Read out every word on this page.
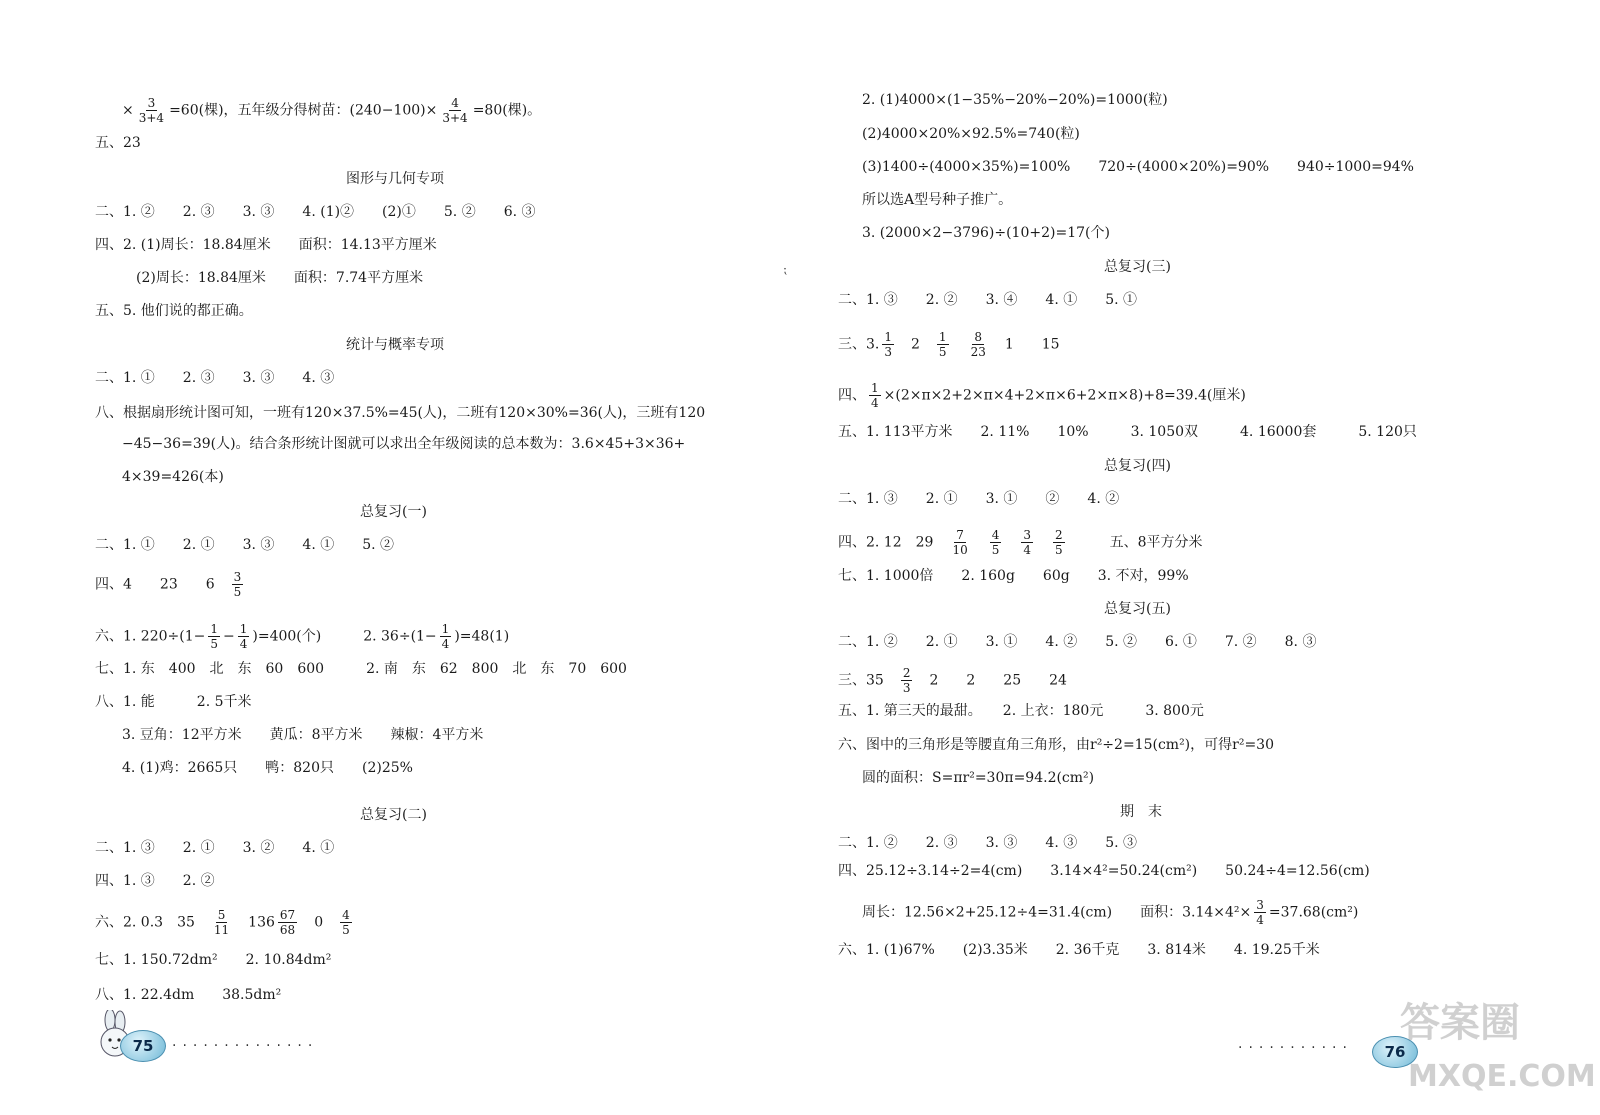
× $\frac{3}{3+4} =60$(棵)，五年级分得树苗：$(240-100)\times \frac{4}{3+4} =80$(棵)。
五、23
图形与几何专项
二、1. ②　　2. ③　　3. ③　　4. (1)②　　(2)①　　5. ②　　6. ③
四、2. (1)周长：18.84厘米　　面积：14.13平方厘米
(2)周长：18.84厘米　　面积：7.74平方厘米
五、5. 他们说的都正确。
统计与概率专项
二、1. ①　　2. ③　　3. ③　　4. ③
八、根据扇形统计图可知，一班有120×37.5%=45(人)，二班有120×30%=36(人)，三班有120
−45−36=39(人)。结合条形统计图就可以求出全年级阅读的总本数为：3.6×45+3×36+
4×39=426(本)
总复习(一)
二、1. ①　　2. ①　　3. ③　　4. ①　　5. ②
四、4　　23　　6　 $\frac{3}{5}$
六、1. $220\div(1- \frac{1}{5} - \frac{1}{4} )=400$(个)　　　2. $36\div(1- \frac{1}{4} )=48(1)$
七、1. 东　400　北　东　60　600　　　2. 南　东　62　800　北　东　70　600
八、1. 能　　　2. 5千米
3. 豆角：12平方米　　黄瓜：8平方米　　辣椒：4平方米
4. (1)鸡：2665只　　鸭：820只　　(2)25%
总复习(二)
二、1. ③　　2. ①　　3. ②　　4. ①
四、1. ③　　2. ②
六、2. 0.3　35　 $\frac{5}{11}$
　 $136 \frac{67}{68}$
　 0　 $\frac{4}{5}$
七、1. 150.72dm²　　2. 10.84dm²
八、1. 22.4dm　　38.5dm²
75	··············
⁏
2. (1)4000×(1−35%−20%−20%)=1000(粒)
(2)4000×20%×92.5%=740(粒)
(3)1400÷(4000×35%)=100%　　720÷(4000×20%)=90%　　940÷1000=94%
所以选A型号种子推广。
3. (2000×2−3796)÷(10+2)=17(个)
总复习(三)
二、1. ③　　2. ②　　3. ④　　4. ①　　5. ①
三、3. $\frac{1}{3}$
　 2　 $\frac{1}{5}$
　 $\frac{8}{23}$
　 1　　15
四、 $\frac{1}{4} \times(2\times\pi\times 2+2\times\pi\times 4+2\times\pi\times 6+2\times\pi\times 8)+8=39.4$(厘米)
五、1. 113平方米　　2. 11%　　10%　　　3. 1050双　　　4. 16000套　　　5. 120只
总复习(四)
二、1. ③　　2. ①　　3. ①　　②　　4. ②
四、2. 12　29　 $\frac{7}{10}$
　 $\frac{4}{5}$
　 $\frac{3}{4}$
　 $\frac{2}{5}$
　　　	五、8平方分米
七、1. 1000倍　　2. 160g　　60g　　3. 不对，99%
总复习(五)
二、1. ②　　2. ①　　3. ①　　4. ②　　5. ②　　6. ①　　7. ②　　8. ③
三、35　 $\frac{2}{3}$
　 2　　2　　25　　24
五、1. 第三天的最甜。　　2. 上衣：180元　　　3. 800元
六、图中的三角形是等腰直角三角形，由r²÷2=15(cm²)，可得r²=30
圆的面积：S=πr²=30π=94.2(cm²)
期　末
二、1. ②　　2. ③　　3. ③　　4. ③　　5. ③
四、25.12÷3.14÷2=4(cm)　　3.14×4²=50.24(cm²)　　50.24÷4=12.56(cm)
周长：12.56×2+25.12÷4=31.4(cm)　　面积：$3.14\times 4^2\times \frac{3}{4} =37.68(cm^2)$
六、1. (1)67%　　(2)3.35米　　2. 36千克　　3. 814米　　4. 19.25千米
···········	76
答案圈
MXQE.COM
